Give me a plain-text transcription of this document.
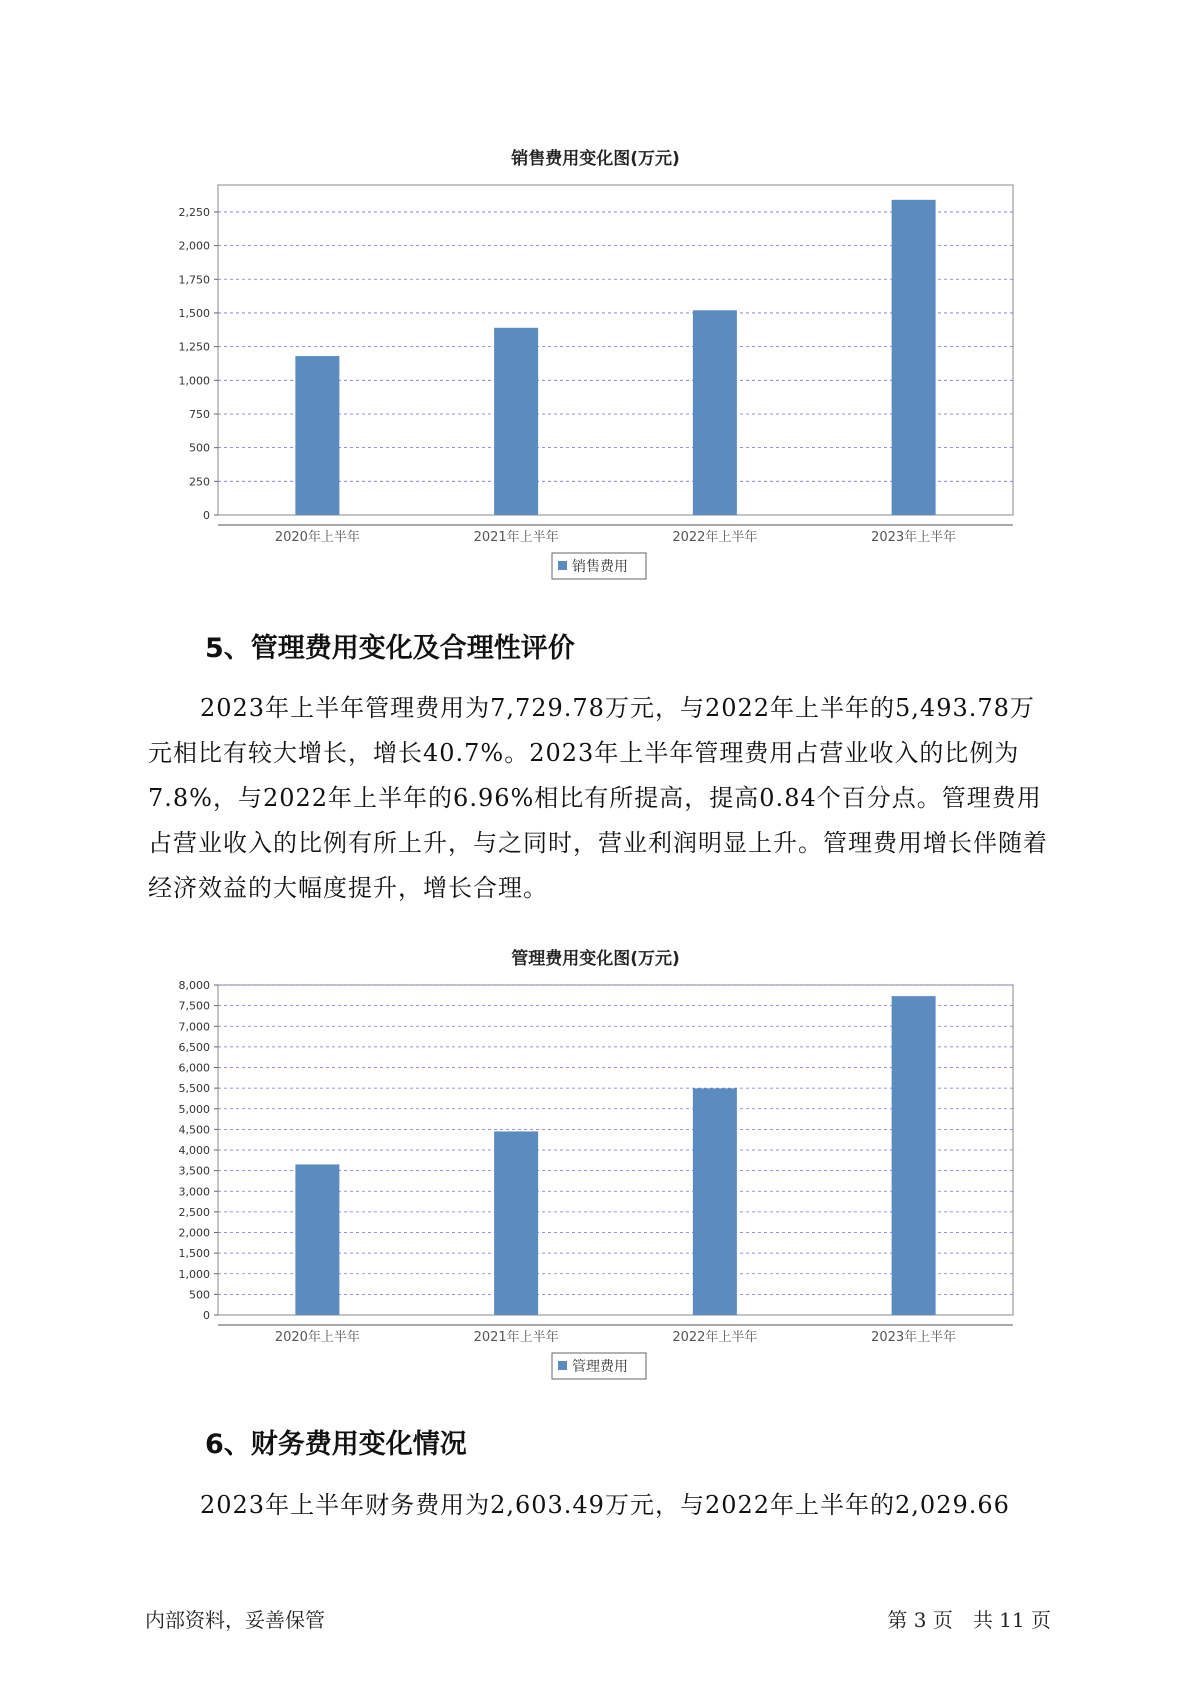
销售费用变化图(万元)
0
250
500
750
1,000
1,250
1,500
1,750
2,000
2,250
2020年上半年	2021年上半年	2022年上半年	2023年上半年
销售费用
5、管理费用变化及合理性评价

2023年上半年管理费用为7,729.78万元，与2022年上半年的5,493.78万元相比有较大增长，增长40.7%。2023年上半年管理费用占营业收入的比例为7.8%，与2022年上半年的6.96%相比有所提高，提高0.84个百分点。管理费用占营业收入的比例有所上升，与之同时，营业利润明显上升。管理费用增长伴随着经济效益的大幅度提升，增长合理。

管理费用变化图(万元)
0
500
1,000
1,500
2,000
2,500
3,000
3,500
4,000
4,500
5,000
5,500
6,000
6,500
7,000
7,500
8,000
2020年上半年	2021年上半年	2022年上半年	2023年上半年
管理费用
6、财务费用变化情况

2023年上半年财务费用为2,603.49万元，与2022年上半年的2,029.66

内部资料，妥善保管	第 3 页　共 11 页
